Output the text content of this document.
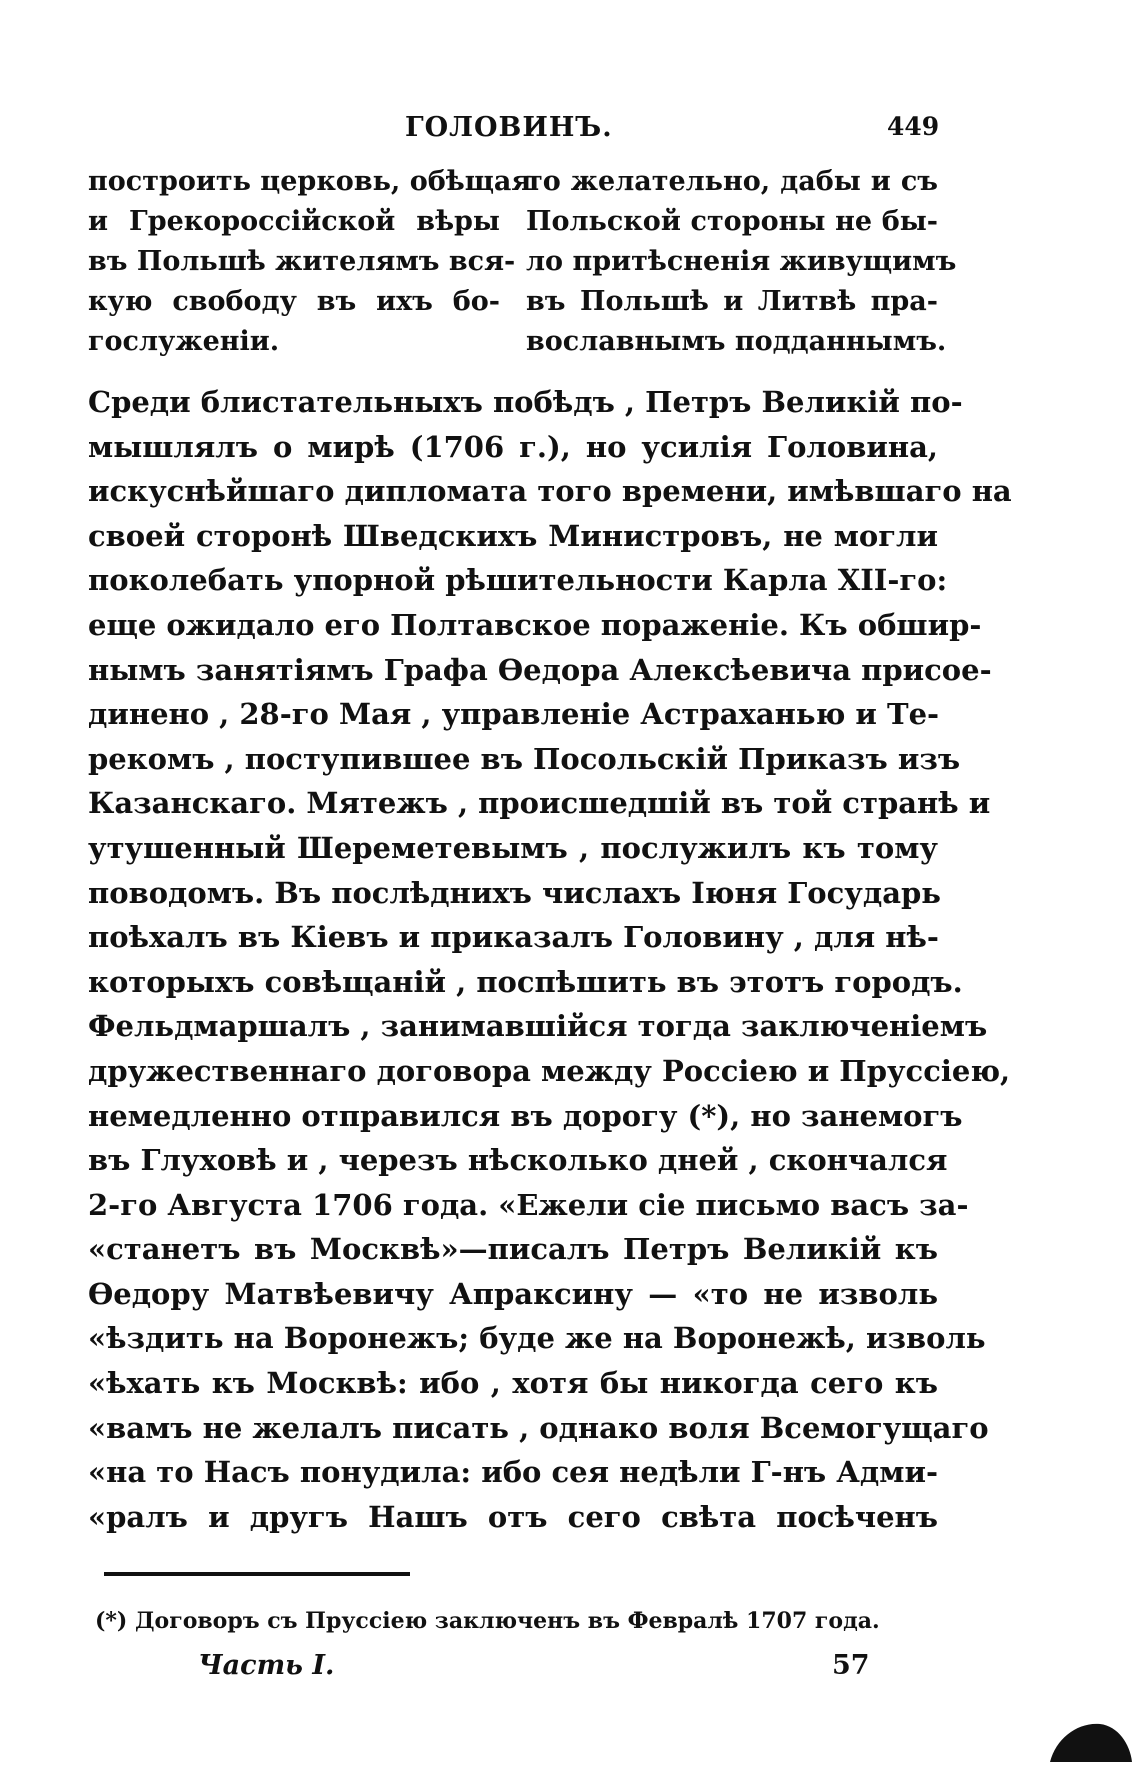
ГОЛОВИНЪ.	449
построить церковь, обѣщая
и Грекороссійской вѣры
въ Польшѣ жителямъ вся-
кую свободу въ ихъ бо-
гослуженіи.
то желательно, дабы и съ
Польской стороны не бы-
ло притѣсненія живущимъ
въ Польшѣ и Литвѣ пра-
вославнымъ подданнымъ.
Среди блистательныхъ побѣдъ , Петръ Великій по-
мышлялъ о мирѣ (1706 г.), но усилія Головина,
искуснѣйшаго дипломата того времени, имѣвшаго на
своей сторонѣ Шведскихъ Министровъ, не могли
поколебать упорной рѣшительности Карла XII-го:
еще ожидало его Полтавское пораженіе. Къ обшир-
нымъ занятіямъ Графа Ѳедора Алексѣевича присое-
динено , 28-го Мая , управленіе Астраханью и Те-
рекомъ , поступившее въ Посольскій Приказъ изъ
Казанскаго. Мятежъ , происшедшій въ той странѣ и
утушенный Шереметевымъ , послужилъ къ тому
поводомъ. Въ послѣднихъ числахъ Іюня Государь
поѣхалъ въ Кіевъ и приказалъ Головину , для нѣ-
которыхъ совѣщаній , поспѣшить въ этотъ городъ.
Фельдмаршалъ , занимавшійся тогда заключеніемъ
дружественнаго договора между Россіею и Пруссіею,
немедленно отправился въ дорогу (*), но занемогъ
въ Глуховѣ и , черезъ нѣсколько дней , скончался
2-го Августа 1706 года. «Ежели сіе письмо васъ за-
«станетъ въ Москвѣ»—писалъ Петръ Великій къ
Ѳедору Матвѣевичу Апраксину — «то не изволь
«ѣздить на Воронежъ; буде же на Воронежѣ, изволь
«ѣхать къ Москвѣ: ибо , хотя бы никогда сего къ
«вамъ не желалъ писать , однако воля Всемогущаго
«на то Насъ понудила: ибо сея недѣли Г-нъ Адми-
«ралъ и другъ Нашъ отъ сего свѣта посѣченъ
(*) Договоръ съ Пруссіею заключенъ въ Февралѣ 1707 года.
Часть I.	57
